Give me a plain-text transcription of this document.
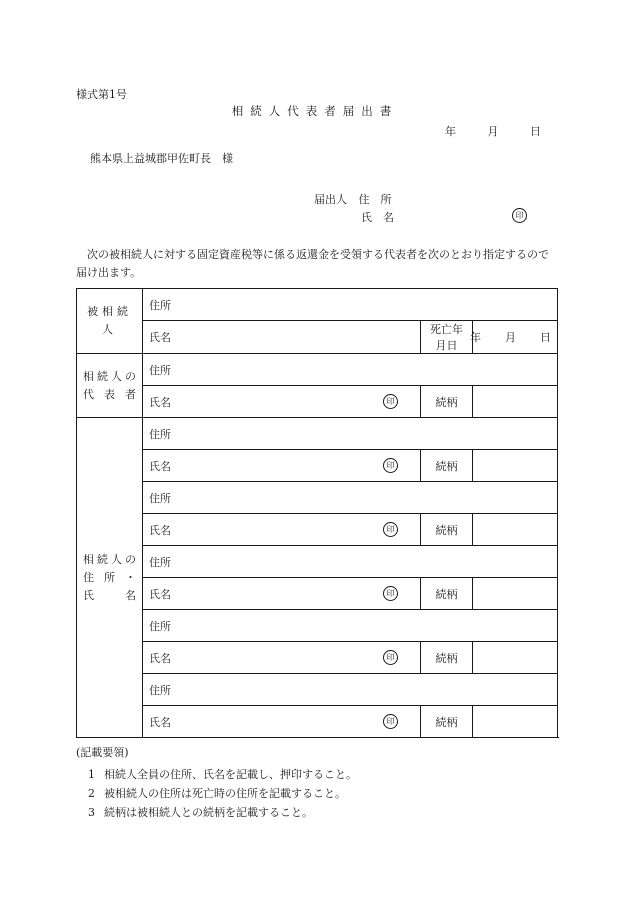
様式第1号
相続人代表者届出書
年	月	日
熊本県上益城郡甲佐町長　様
届出人 住　所
氏　名	印
次の被相続人に対する固定資産税等に係る返還金を受領する代表者を次のとおり指定するので届け出ます。
被相続人	住所		
	氏名	死亡年月日	年 月 日

相続人の
代表者	住所		
	氏名 印	続柄	

相続人の
住所・
氏名	住所		
	氏名 印	続柄	
	住所		
	氏名 印	続柄	
	住所		
	氏名 印	続柄	
	住所		
	氏名 印	続柄	
	住所		
	氏名 印	続柄	
(記載要領)
1 相続人全員の住所、氏名を記載し、押印すること。
2 被相続人の住所は死亡時の住所を記載すること。
3 続柄は被相続人との続柄を記載すること。
